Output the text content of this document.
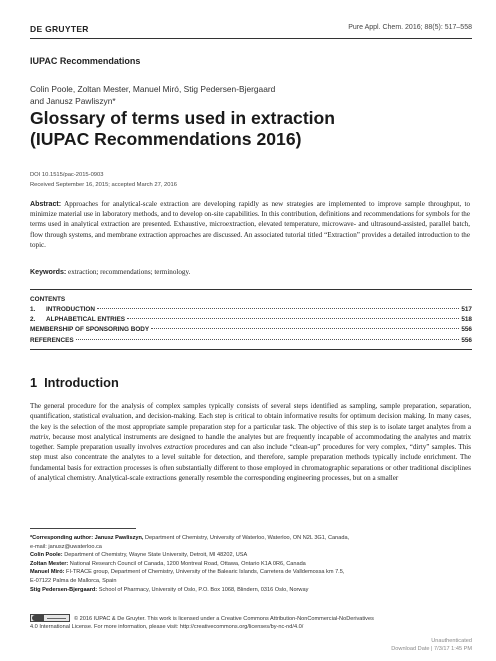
DE GRUYTER	Pure Appl. Chem. 2016; 88(5): 517–558
IUPAC Recommendations
Colin Poole, Zoltan Mester, Manuel Miró, Stig Pedersen-Bjergaard
and Janusz Pawliszyn*
Glossary of terms used in extraction
(IUPAC Recommendations 2016)
DOI 10.1515/pac-2015-0903
Received September 16, 2015; accepted March 27, 2016
Abstract: Approaches for analytical-scale extraction are developing rapidly as new strategies are implemented to improve sample throughput, to minimize material use in laboratory methods, and to develop on-site capabilities. In this contribution, definitions and recommendations for symbols for the terms used in analytical extraction are presented. Exhaustive, microextraction, elevated temperature, microwave- and ultrasound-assisted, parallel batch, flow through systems, and membrane extraction approaches are discussed. An associated tutorial titled “Extraction” provides a detailed introduction to the topic.
Keywords: extraction; recommendations; terminology.
CONTENTS
1.	INTRODUCTION	517
2.	ALPHABETICAL ENTRIES	518
MEMBERSHIP OF SPONSORING BODY	556
REFERENCES	556
1 Introduction
The general procedure for the analysis of complex samples typically consists of several steps identified as sampling, sample preparation, separation, quantification, statistical evaluation, and decision-making. Each step is critical to obtain informative results for optimum decision making. In many cases, the key is the selection of the most appropriate sample preparation step for a particular task. The objective of this step is to isolate target analytes from a matrix, because most analytical instruments are designed to handle the analytes but are frequently incapable of accommodating the analytes and matrix together. Sample preparation usually involves extraction procedures and can also include “clean-up” procedures for very complex, “dirty” samples. This step must also concentrate the analytes to a level suitable for detection, and therefore, sample preparation methods typically include enrichment. The fundamental basis for extraction processes is often substantially different to those employed in chromatographic separations or other traditional disciplines of analytical chemistry. Analytical-scale extractions generally resemble the corresponding engineering processes, but on a smaller
*Corresponding author: Janusz Pawliszyn, Department of Chemistry, University of Waterloo, Waterloo, ON N2L 3G1, Canada,
e-mail: janusz@uwaterloo.ca
Colin Poole: Department of Chemistry, Wayne State University, Detroit, MI 48202, USA
Zoltan Mester: National Research Council of Canada, 1200 Montreal Road, Ottawa, Ontario K1A 0R6, Canada
Manuel Miró: FI-TRACE group, Department of Chemistry, University of the Balearic Islands, Carretera de Valldemossa km 7.5,
E-07122 Palma de Mallorca, Spain
Stig Pedersen-Bjergaard: School of Pharmacy, University of Oslo, P.O. Box 1068, Blindern, 0316 Oslo, Norway
© 2016 IUPAC & De Gruyter. This work is licensed under a Creative Commons Attribution-NonCommercial-NoDerivatives
4.0 International License. For more information, please visit: http://creativecommons.org/licenses/by-nc-nd/4.0/
Unauthenticated
Download Date | 7/3/17 1:45 PM
